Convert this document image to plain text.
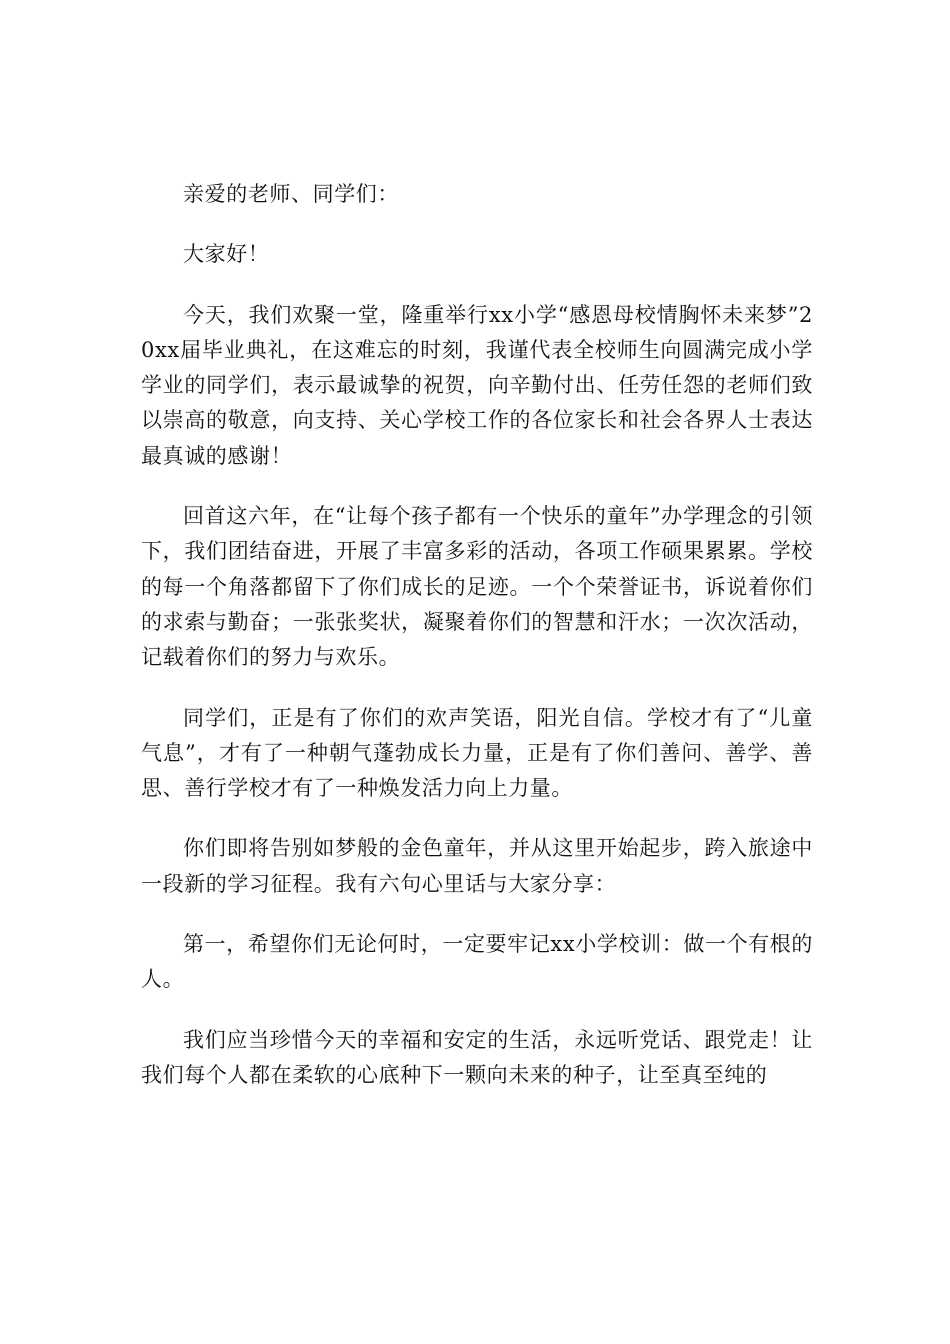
亲爱的老师、同学们：

大家好！

今天，我们欢聚一堂，隆重举行xx小学“感恩母校情胸怀未来梦”20xx届毕业典礼，在这难忘的时刻，我谨代表全校师生向圆满完成小学学业的同学们，表示最诚挚的祝贺，向辛勤付出、任劳任怨的老师们致以崇高的敬意，向支持、关心学校工作的各位家长和社会各界人士表达最真诚的感谢！

回首这六年，在“让每个孩子都有一个快乐的童年”办学理念的引领下，我们团结奋进，开展了丰富多彩的活动，各项工作硕果累累。学校的每一个角落都留下了你们成长的足迹。一个个荣誉证书，诉说着你们的求索与勤奋；一张张奖状，凝聚着你们的智慧和汗水；一次次活动，记载着你们的努力与欢乐。

同学们，正是有了你们的欢声笑语，阳光自信。学校才有了“儿童气息”，才有了一种朝气蓬勃成长力量，正是有了你们善问、善学、善思、善行学校才有了一种焕发活力向上力量。

你们即将告别如梦般的金色童年，并从这里开始起步，跨入旅途中一段新的学习征程。我有六句心里话与大家分享：

第一，希望你们无论何时，一定要牢记xx小学校训：做一个有根的人。

我们应当珍惜今天的幸福和安定的生活，永远听党话、跟党走！让我们每个人都在柔软的心底种下一颗向未来的种子，让至真至纯的
